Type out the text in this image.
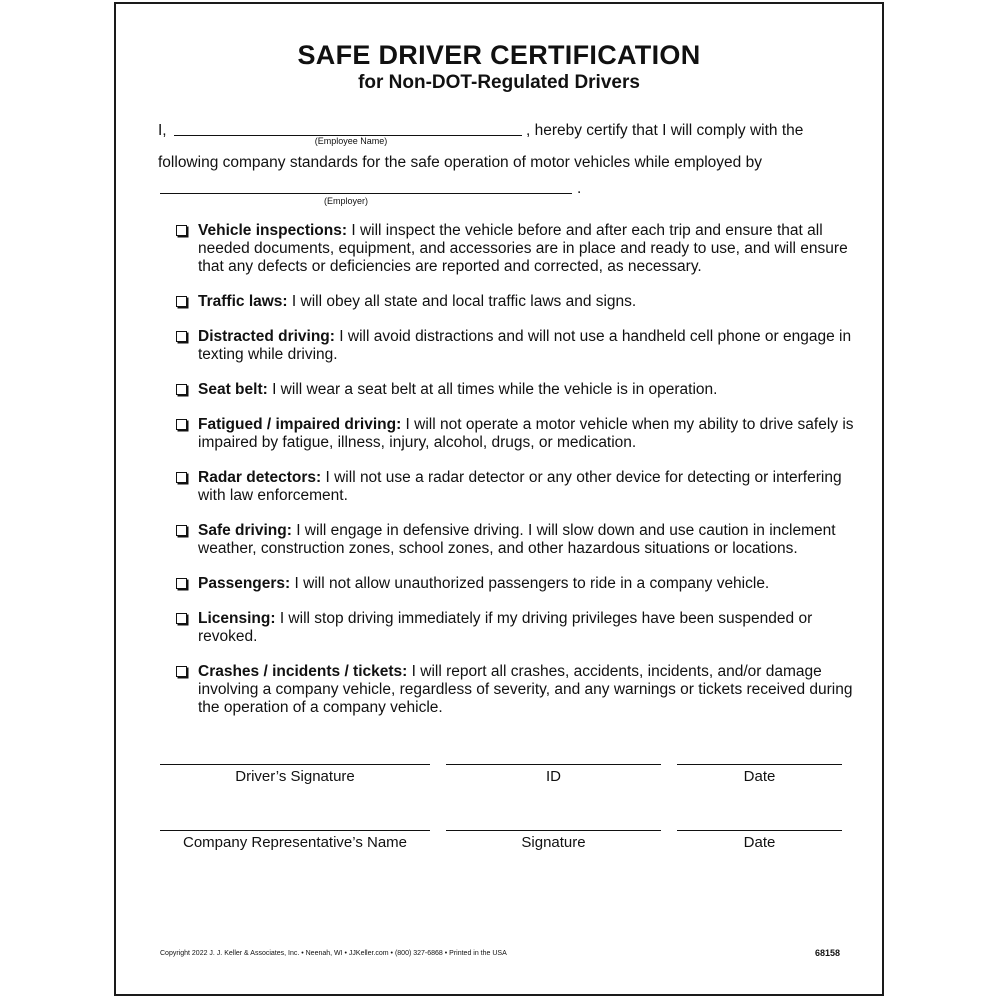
SAFE DRIVER CERTIFICATION
for Non-DOT-Regulated Drivers
I,
(Employee Name)
, hereby certify that I will comply with the
following company standards for the safe operation of motor vehicles while employed by
.
(Employer)
Vehicle inspections: I will inspect the vehicle before and after each trip and ensure that all needed documents, equipment, and accessories are in place and ready to use, and will ensure that any defects or deficiencies are reported and corrected, as necessary.
Traffic laws: I will obey all state and local traffic laws and signs.
Distracted driving: I will avoid distractions and will not use a handheld cell phone or engage in texting while driving.
Seat belt: I will wear a seat belt at all times while the vehicle is in operation.
Fatigued / impaired driving: I will not operate a motor vehicle when my ability to drive safely is impaired by fatigue, illness, injury, alcohol, drugs, or medication.
Radar detectors: I will not use a radar detector or any other device for detecting or interfering with law enforcement.
Safe driving: I will engage in defensive driving. I will slow down and use caution in inclement weather, construction zones, school zones, and other hazardous situations or locations.
Passengers: I will not allow unauthorized passengers to ride in a company vehicle.
Licensing: I will stop driving immediately if my driving privileges have been suspended or revoked.
Crashes / incidents / tickets: I will report all crashes, accidents, incidents, and/or damage involving a company vehicle, regardless of severity, and any warnings or tickets received during the operation of a company vehicle.
Driver’s Signature	ID	Date
Company Representative’s Name	Signature	Date
Copyright 2022 J. J. Keller & Associates, Inc. • Neenah, WI • JJKeller.com • (800) 327-6868 • Printed in the USA	68158
